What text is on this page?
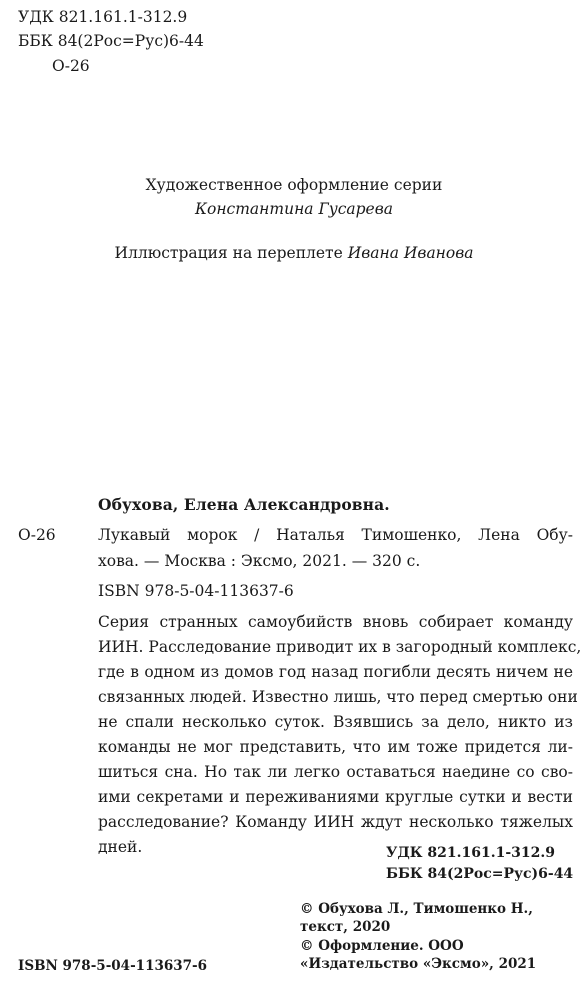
УДК 821.161.1-312.9
ББК 84(2Рос=Рус)6-44
О-26
Художественное оформление серии
Константина Гусарева
Иллюстрация на переплете Ивана Иванова
Обухова, Елена Александровна.
О-26	Лукавый морок / Наталья Тимошенко, Лена Обу-
хова. — Москва : Эксмо, 2021. — 320 с.
ISBN 978-5-04-113637-6
Серия странных самоубийств вновь собирает команду
ИИН. Расследование приводит их в загородный комплекс,
где в одном из домов год назад погибли десять ничем не
связанных людей. Известно лишь, что перед смертью они
не спали несколько суток. Взявшись за дело, никто из
команды не мог представить, что им тоже придется ли-
шиться сна. Но так ли легко оставаться наедине со сво-
ими секретами и переживаниями круглые сутки и вести
расследование? Команду ИИН ждут несколько тяжелых
дней.	УДК 821.161.1-312.9
ББК 84(2Рос=Рус)6-44
© Обухова Л., Тимошенко Н., текст, 2020
© Оформление. ООО «Издательство «Эксмо», 2021
ISBN 978-5-04-113637-6
